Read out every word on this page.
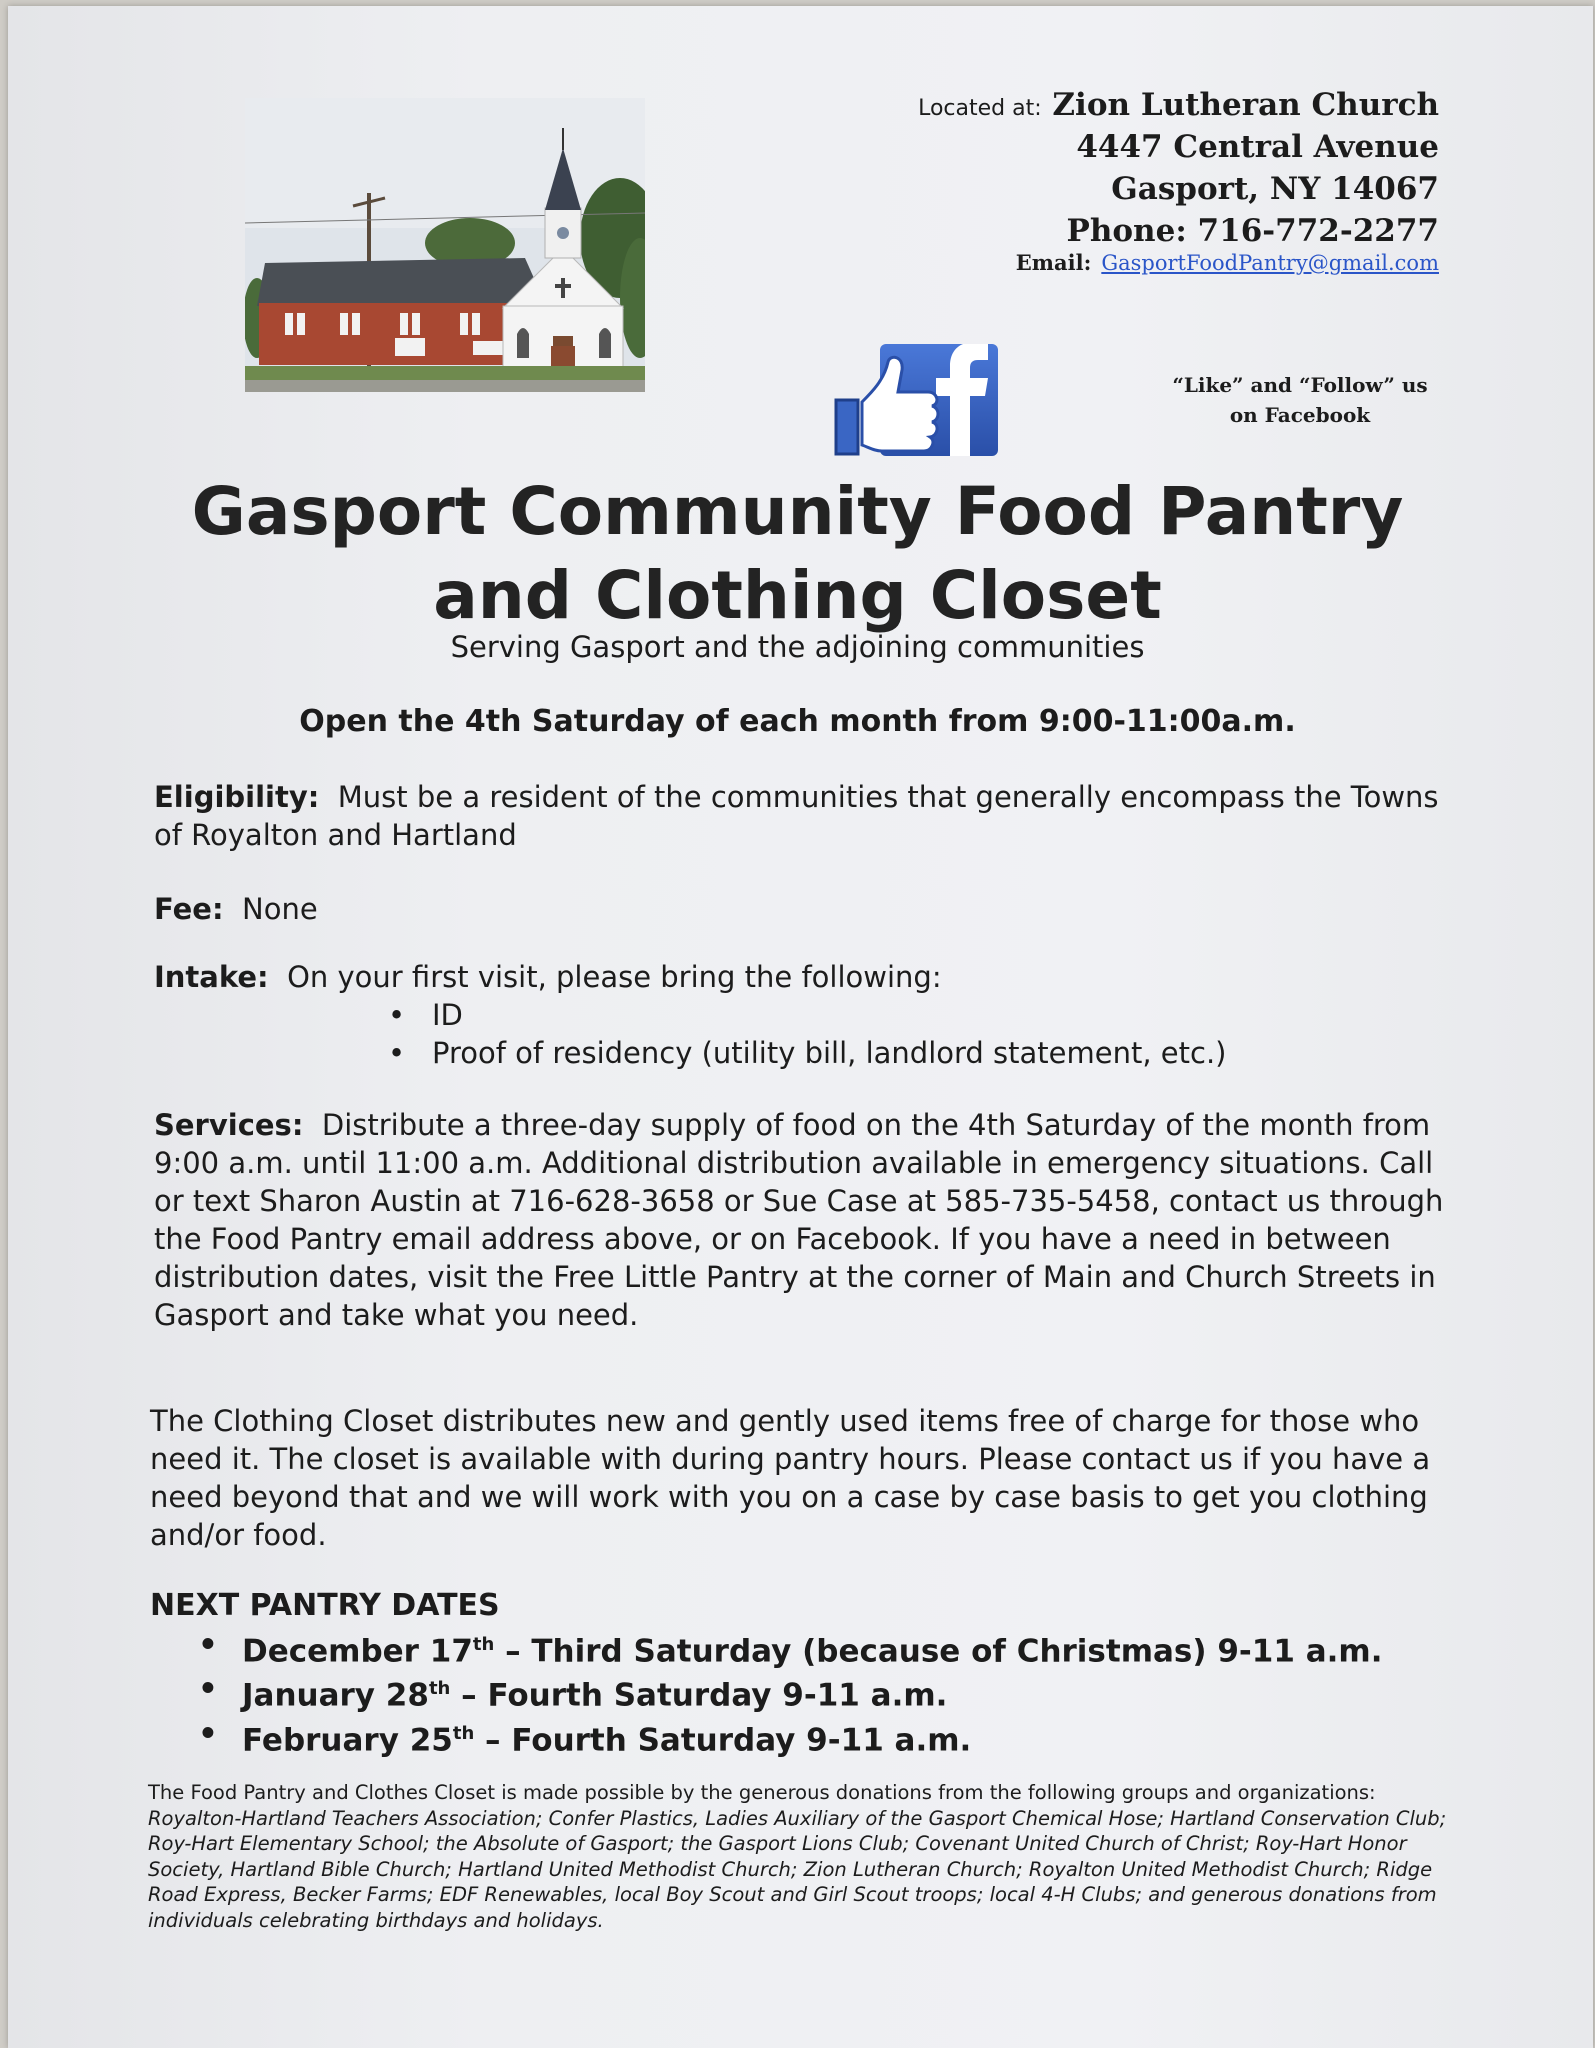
Located at: Zion Lutheran Church
4447 Central Avenue
Gasport, NY 14067
Phone: 716-772-2277
Email: GasportFoodPantry@gmail.com
“Like” and “Follow” us
on Facebook
Gasport Community Food Pantry
and Clothing Closet
Serving Gasport and the adjoining communities
Open the 4th Saturday of each month from 9:00-11:00a.m.
Eligibility: Must be a resident of the communities that generally encompass the Towns of Royalton and Hartland
Fee: None
Intake: On your first visit, please bring the following:
• ID
• Proof of residency (utility bill, landlord statement, etc.)
Services: Distribute a three-day supply of food on the 4th Saturday of the month from 9:00 a.m. until 11:00 a.m. Additional distribution available in emergency situations. Call or text Sharon Austin at 716-628-3658 or Sue Case at 585-735-5458, contact us through the Food Pantry email address above, or on Facebook. If you have a need in between distribution dates, visit the Free Little Pantry at the corner of Main and Church Streets in Gasport and take what you need.
The Clothing Closet distributes new and gently used items free of charge for those who need it. The closet is available with during pantry hours. Please contact us if you have a need beyond that and we will work with you on a case by case basis to get you clothing and/or food.
NEXT PANTRY DATES
• December 17th – Third Saturday (because of Christmas) 9-11 a.m.
• January 28th – Fourth Saturday 9-11 a.m.
• February 25th – Fourth Saturday 9-11 a.m.
The Food Pantry and Clothes Closet is made possible by the generous donations from the following groups and organizations: Royalton-Hartland Teachers Association; Confer Plastics, Ladies Auxiliary of the Gasport Chemical Hose; Hartland Conservation Club; Roy-Hart Elementary School; the Absolute of Gasport; the Gasport Lions Club; Covenant United Church of Christ; Roy-Hart Honor Society, Hartland Bible Church; Hartland United Methodist Church; Zion Lutheran Church; Royalton United Methodist Church; Ridge Road Express, Becker Farms; EDF Renewables, local Boy Scout and Girl Scout troops; local 4-H Clubs; and generous donations from individuals celebrating birthdays and holidays.
